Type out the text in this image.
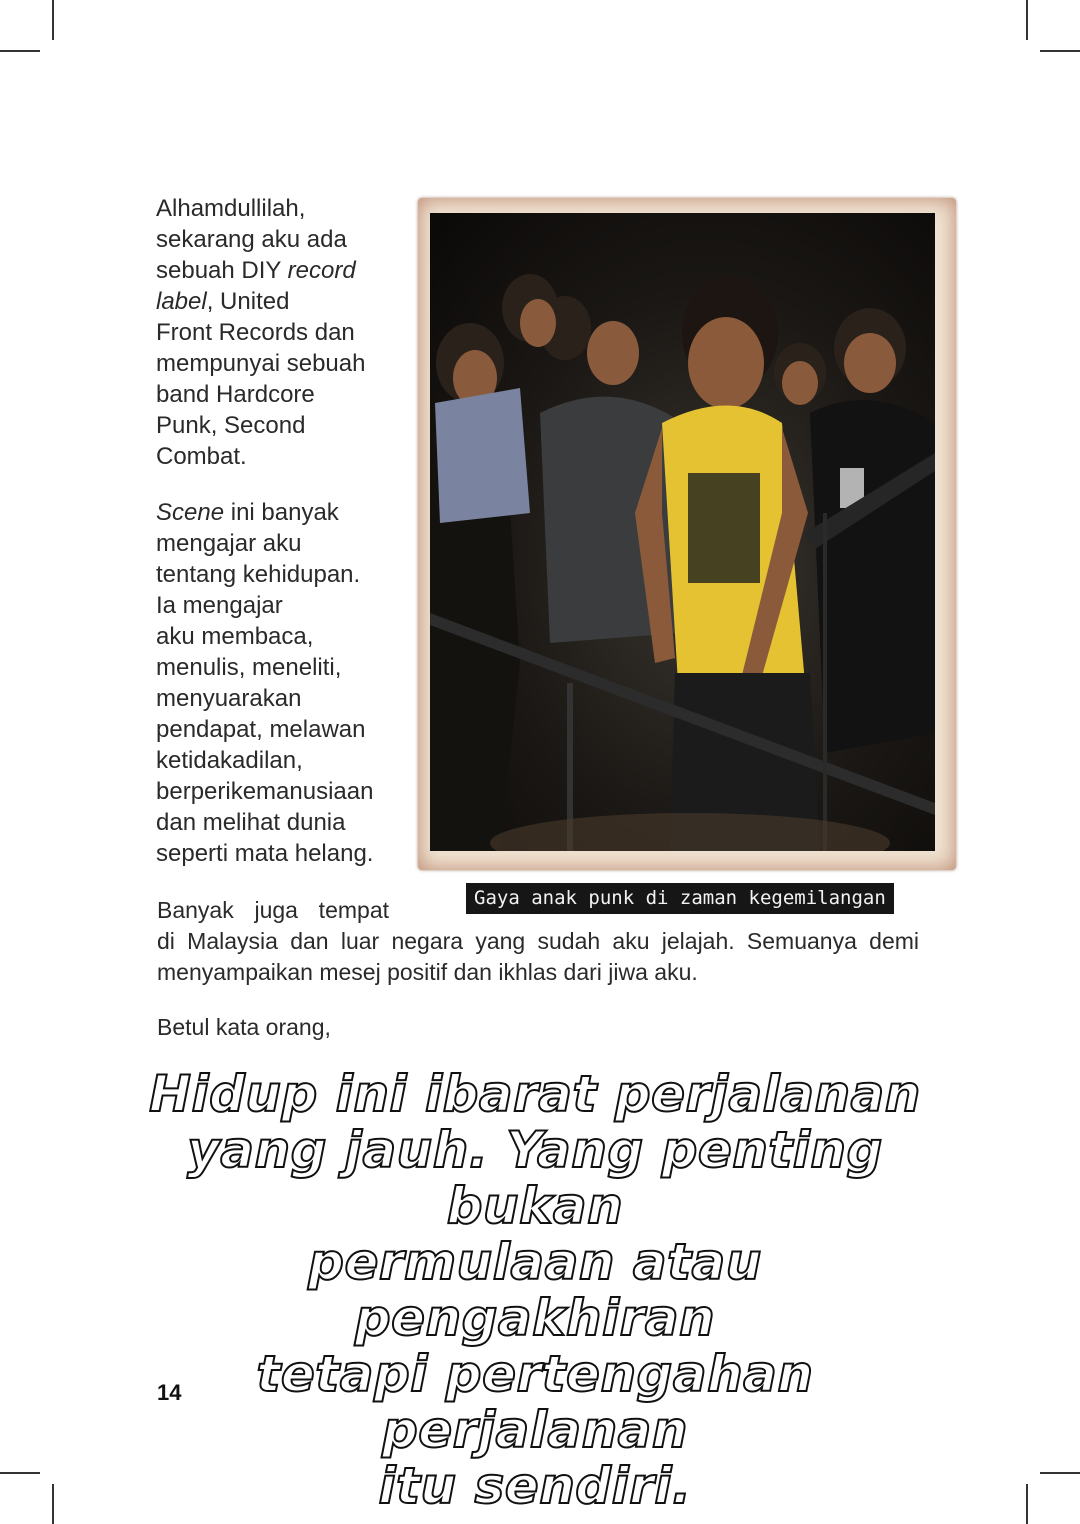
Alhamdullilah,
sekarang aku ada
sebuah DIY record
label, United
Front Records dan
mempunyai sebuah
band Hardcore
Punk, Second
Combat.
Scene ini banyak
mengajar aku
tentang kehidupan.
Ia mengajar
aku membaca,
menulis, meneliti,
menyuarakan
pendapat, melawan
ketidakadilan,
berperikemanusiaan
dan melihat dunia
seperti mata helang.
Gaya anak punk di zaman kegemilangan
Banyak juga tempat
di Malaysia dan luar negara yang sudah aku jelajah. Semuanya demi
menyampaikan mesej positif dan ikhlas dari jiwa aku.
Betul kata orang,
Hidup ini ibarat perjalanan
yang jauh. Yang penting bukan
permulaan atau pengakhiran
tetapi pertengahan perjalanan
itu sendiri.
14
